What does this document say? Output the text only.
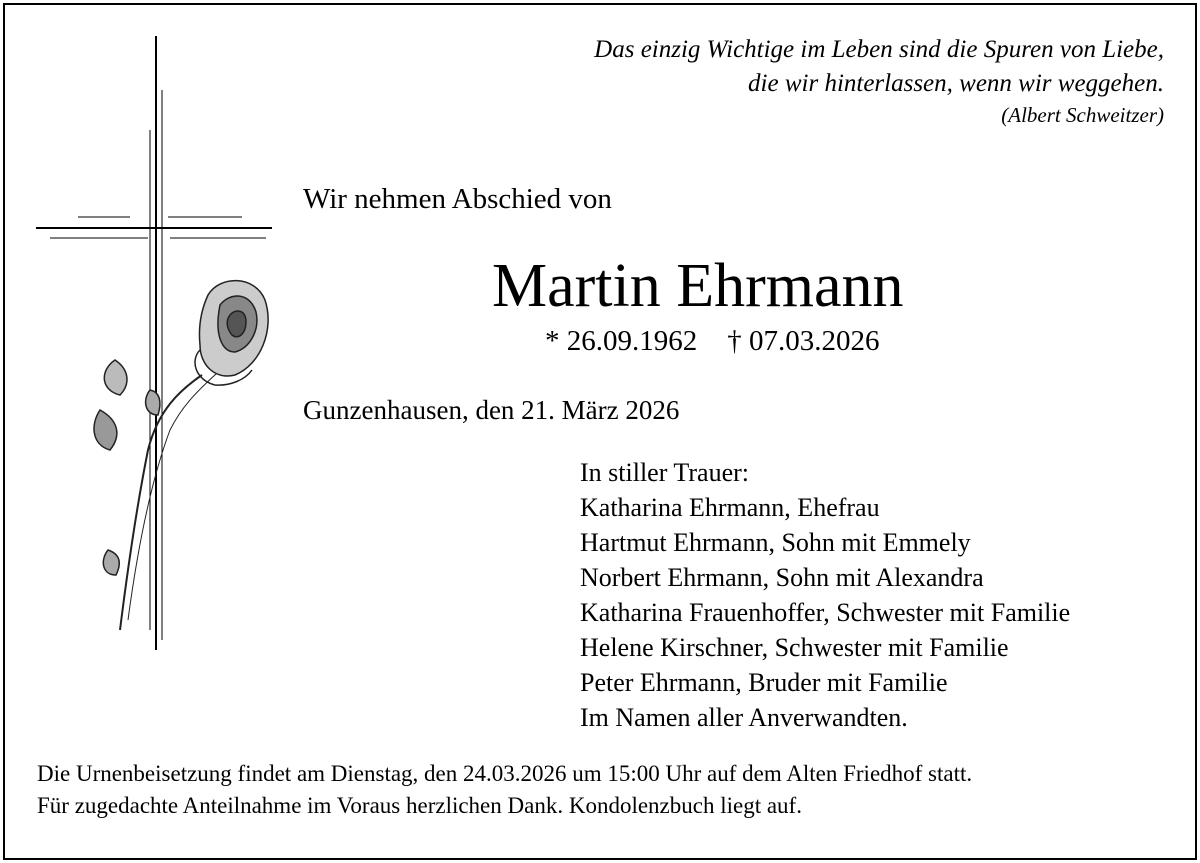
Das einzig Wichtige im Leben sind die Spuren von Liebe,
die wir hinterlassen, wenn wir weggehen.
(Albert Schweitzer)
Wir nehmen Abschied von
Martin Ehrmann
* 26.09.1962 † 07.03.2026
Gunzenhausen, den 21. März 2026
In stiller Trauer:
Katharina Ehrmann, Ehefrau
Hartmut Ehrmann, Sohn mit Emmely
Norbert Ehrmann, Sohn mit Alexandra
Katharina Frauenhoffer, Schwester mit Familie
Helene Kirschner, Schwester mit Familie
Peter Ehrmann, Bruder mit Familie
Im Namen aller Anverwandten.
Die Urnenbeisetzung findet am Dienstag, den 24.03.2026 um 15:00 Uhr auf dem Alten Friedhof statt.
Für zugedachte Anteilnahme im Voraus herzlichen Dank. Kondolenzbuch liegt auf.
